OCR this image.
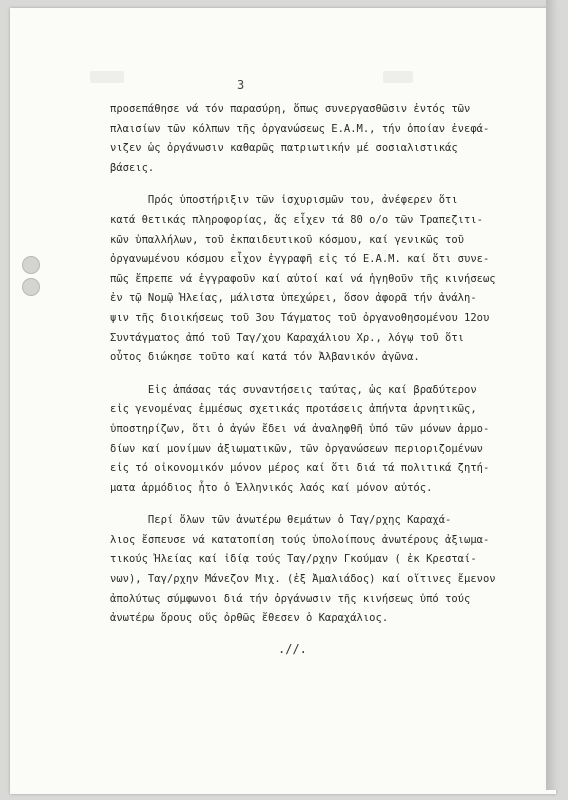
3
προσεπάθησε νά τόν παρασύρη, ὅπως συνεργασθῶσιν ἐντός τῶν
πλαισίων τῶν κόλπων τῆς ὀργανώσεως Ε.Α.Μ., τήν ὁποίαν ἐνεφά-
νιζεν ὡς ὀργάνωσιν καθαρῶς πατριωτικήν μέ σοσιαλιστικάς
βάσεις.
Πρός ὑποστήριξιν τῶν ἰσχυρισμῶν του, ἀνέφερεν ὅτι
κατά θετικάς πληροφορίας, ἅς εἶχεν τά 80 ο/ο τῶν Τραπεζιτι-
κῶν ὑπαλλήλων, τοῦ ἐκπαιδευτικοῦ κόσμου, καί γενικῶς τοῦ
ὀργανωμένου κόσμου εἶχον ἐγγραφῆ εἰς τό Ε.Α.Μ. καί ὅτι συνε-
πῶς ἔπρεπε νά ἐγγραφοῦν καί αὐτοί καί νά ἡγηθοῦν τῆς κινήσεως
ἐν τῷ Νομῷ Ἠλείας, μάλιστα ὑπεχώρει, ὅσον ἀφορᾶ τήν ἀνάλη-
ψιν τῆς διοικήσεως τοῦ 3ου Τάγματος τοῦ ὀργανοθησομένου 12ου
Συντάγματος ἀπό τοῦ Ταγ/χου Καραχάλιου Χρ., λόγῳ τοῦ ὅτι
οὗτος διώκησε τοῦτο καί κατά τόν Ἀλβανικόν ἀγῶνα.
Εἰς ἁπάσας τάς συναντήσεις ταύτας, ὡς καί βραδύτερον
εἰς γενομένας ἐμμέσως σχετικάς προτάσεις ἀπήντα ἀρνητικῶς,
ὑποστηρίζων, ὅτι ὁ ἀγών ἔδει νά ἀναληφθῆ ὑπό τῶν μόνων ἁρμο-
δίων καί μονίμων ἀξιωματικῶν, τῶν ὀργανώσεων περιοριζομένων
εἰς τό οἰκονομικόν μόνον μέρος καί ὅτι διά τά πολιτικά ζητή-
ματα ἁρμόδιος ἦτο ὁ Ἑλληνικός λαός καί μόνον αὐτός.
Περί ὅλων τῶν ἀνωτέρω θεμάτων ὁ Ταγ/ρχης Καραχά-
λιος ἔσπευσε νά κατατοπίση τούς ὑπολοίπους ἀνωτέρους ἀξιωμα-
τικούς Ἠλείας καί ἰδίᾳ τούς Ταγ/ρχην Γκούμαν ( ἐκ Κρεσταί-
νων), Ταγ/ρχην Μάνεζον Μιχ. (ἐξ Ἀμαλιάδος) καί οἵτινες ἔμενον
ἀπολύτως σύμφωνοι διά τήν ὀργάνωσιν τῆς κινήσεως ὑπό τούς
ἀνωτέρω ὅρους οὕς ὀρθῶς ἔθεσεν ὁ Καραχάλιος.
.//.
